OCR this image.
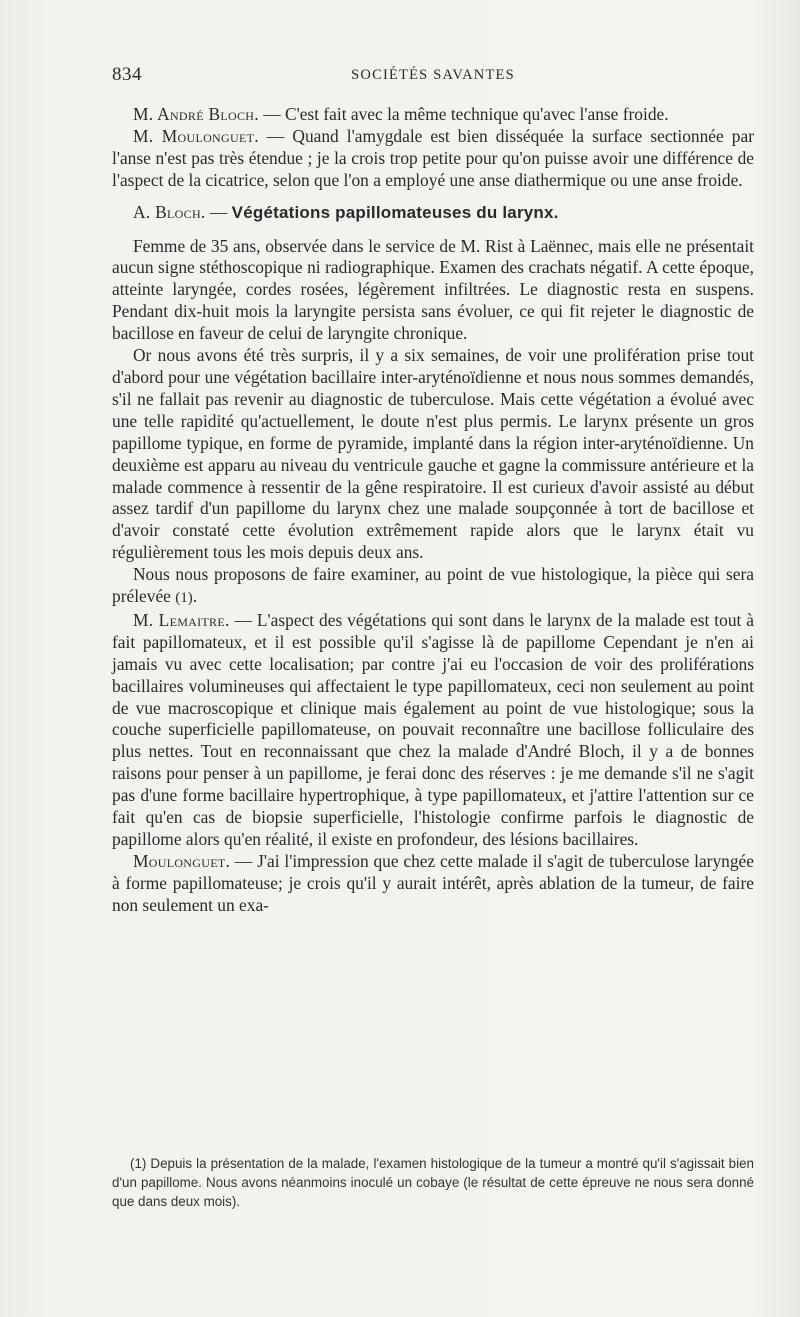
834	SOCIÉTÉS SAVANTES

M. André Bloch. — C'est fait avec la même technique qu'avec l'anse froide.

M. Moulonguet. — Quand l'amygdale est bien disséquée la surface sectionnée par l'anse n'est pas très étendue ; je la crois trop petite pour qu'on puisse avoir une différence de l'aspect de la cicatrice, selon que l'on a employé une anse diathermique ou une anse froide.

A. Bloch. — Végétations papillomateuses du larynx.

Femme de 35 ans, observée dans le service de M. Rist à Laënnec, mais elle ne présentait aucun signe stéthoscopique ni radiographique. Examen des crachats négatif. A cette époque, atteinte laryngée, cordes rosées, légèrement infiltrées. Le diagnostic resta en suspens. Pendant dix-huit mois la laryngite persista sans évoluer, ce qui fit rejeter le diagnostic de bacillose en faveur de celui de laryngite chronique.

Or nous avons été très surpris, il y a six semaines, de voir une prolifération prise tout d'abord pour une végétation bacillaire inter-aryténoïdienne et nous nous sommes demandés, s'il ne fallait pas revenir au diagnostic de tuberculose. Mais cette végétation a évolué avec une telle rapidité qu'actuellement, le doute n'est plus permis. Le larynx présente un gros papillome typique, en forme de pyramide, implanté dans la région inter-aryténoïdienne. Un deuxième est apparu au niveau du ventricule gauche et gagne la commissure antérieure et la malade commence à ressentir de la gêne respiratoire. Il est curieux d'avoir assisté au début assez tardif d'un papillome du larynx chez une malade soupçonnée à tort de bacillose et d'avoir constaté cette évolution extrêmement rapide alors que le larynx était vu régulièrement tous les mois depuis deux ans.

Nous nous proposons de faire examiner, au point de vue histologique, la pièce qui sera prélevée (1).

M. Lemaitre. — L'aspect des végétations qui sont dans le larynx de la malade est tout à fait papillomateux, et il est possible qu'il s'agisse là de papillome Cependant je n'en ai jamais vu avec cette localisation; par contre j'ai eu l'occasion de voir des proliférations bacillaires volumineuses qui affectaient le type papillomateux, ceci non seulement au point de vue macroscopique et clinique mais également au point de vue histologique; sous la couche superficielle papillomateuse, on pouvait reconnaître une bacillose folliculaire des plus nettes. Tout en reconnaissant que chez la malade d'André Bloch, il y a de bonnes raisons pour penser à un papillome, je ferai donc des réserves : je me demande s'il ne s'agit pas d'une forme bacillaire hypertrophique, à type papillomateux, et j'attire l'attention sur ce fait qu'en cas de biopsie superficielle, l'histologie confirme parfois le diagnostic de papillome alors qu'en réalité, il existe en profondeur, des lésions bacillaires.

Moulonguet. — J'ai l'impression que chez cette malade il s'agit de tuberculose laryngée à forme papillomateuse; je crois qu'il y aurait intérêt, après ablation de la tumeur, de faire non seulement un exa-

(1) Depuis la présentation de la malade, l'examen histologique de la tumeur a montré qu'il s'agissait bien d'un papillome. Nous avons néanmoins inoculé un cobaye (le résultat de cette épreuve ne nous sera donné que dans deux mois).
